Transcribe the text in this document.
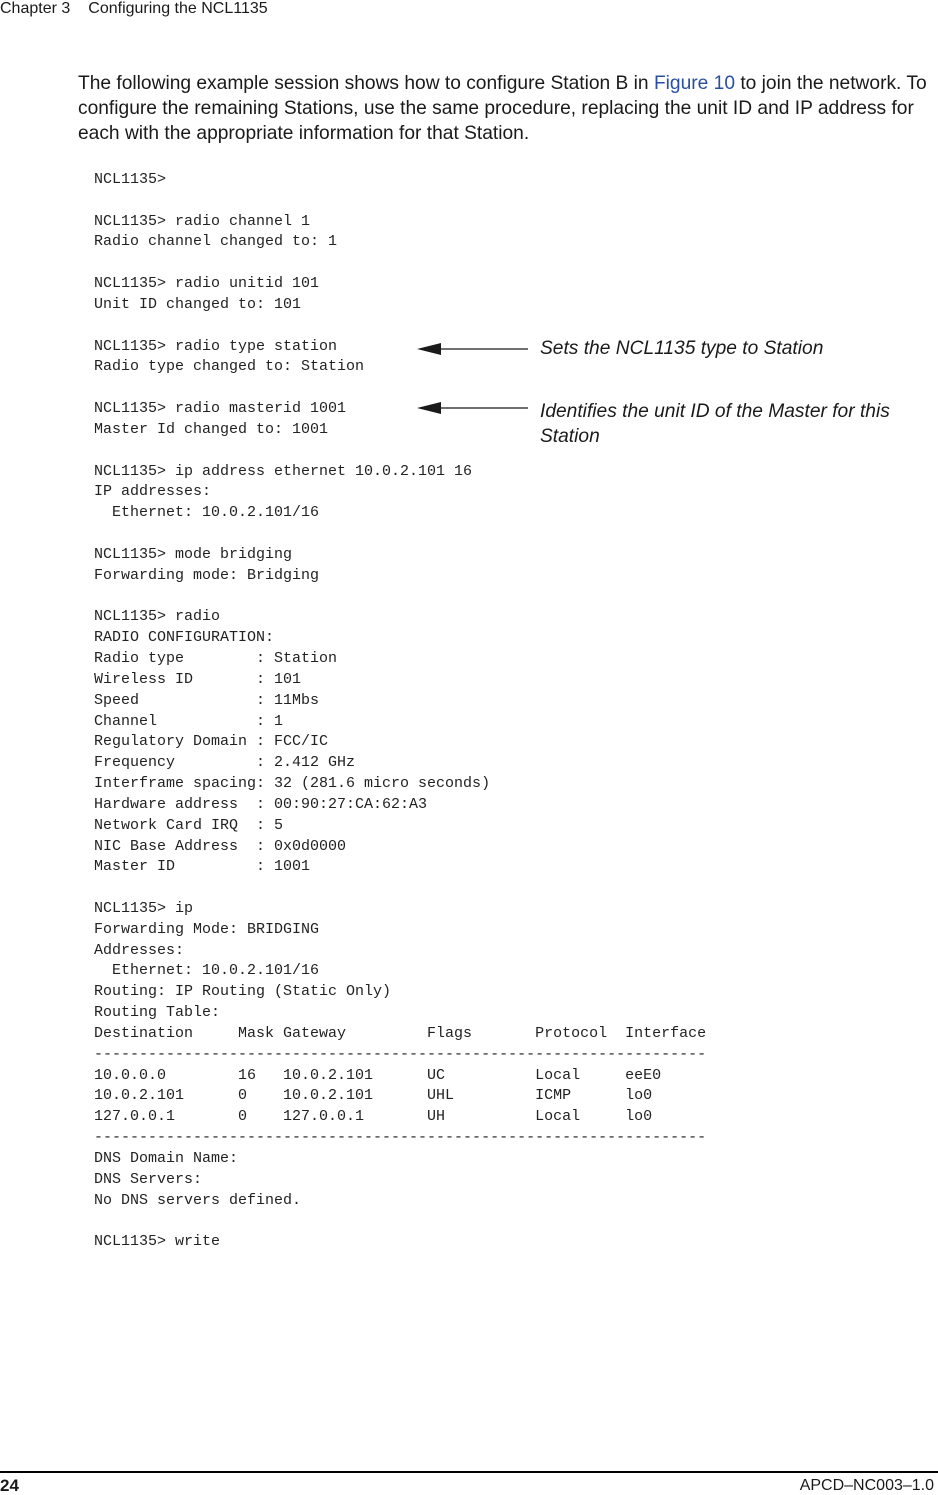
Chapter 3 Configuring the NCL1135

The following example session shows how to configure Station B in Figure 10 to join the network. To configure the remaining Stations, use the same procedure, replacing the unit ID and IP address for each with the appropriate information for that Station.

NCL1135>
NCL1135> radio channel 1
Radio channel changed to: 1
NCL1135> radio unitid 101
Unit ID changed to: 101
NCL1135> radio type station
Radio type changed to: Station
NCL1135> radio masterid 1001
Master Id changed to: 1001
NCL1135> ip address ethernet 10.0.2.101 16
IP addresses:
Ethernet: 10.0.2.101/16
NCL1135> mode bridging
Forwarding mode: Bridging
NCL1135> radio
RADIO CONFIGURATION:
Radio type        : Station
Wireless ID       : 101
Speed             : 11Mbs
Channel           : 1
Regulatory Domain : FCC/IC
Frequency         : 2.412 GHz
Interframe spacing: 32 (281.6 micro seconds)
Hardware address  : 00:90:27:CA:62:A3
Network Card IRQ  : 5
NIC Base Address  : 0x0d0000
Master ID         : 1001
NCL1135> ip
Forwarding Mode: BRIDGING
Addresses:
Ethernet: 10.0.2.101/16
Routing: IP Routing (Static Only)
Routing Table:
Destination     Mask Gateway         Flags       Protocol  Interface
--------------------------------------------------------------------
10.0.0.0        16   10.0.2.101      UC          Local     eeE0
10.0.2.101      0    10.0.2.101      UHL         ICMP      lo0
127.0.0.1       0    127.0.0.1       UH          Local     lo0
--------------------------------------------------------------------
DNS Domain Name:
DNS Servers:
No DNS servers defined.
NCL1135> write
Sets the NCL1135 type to Station
Identifies the unit ID of the Master for this Station
24	APCD–NC003–1.0
